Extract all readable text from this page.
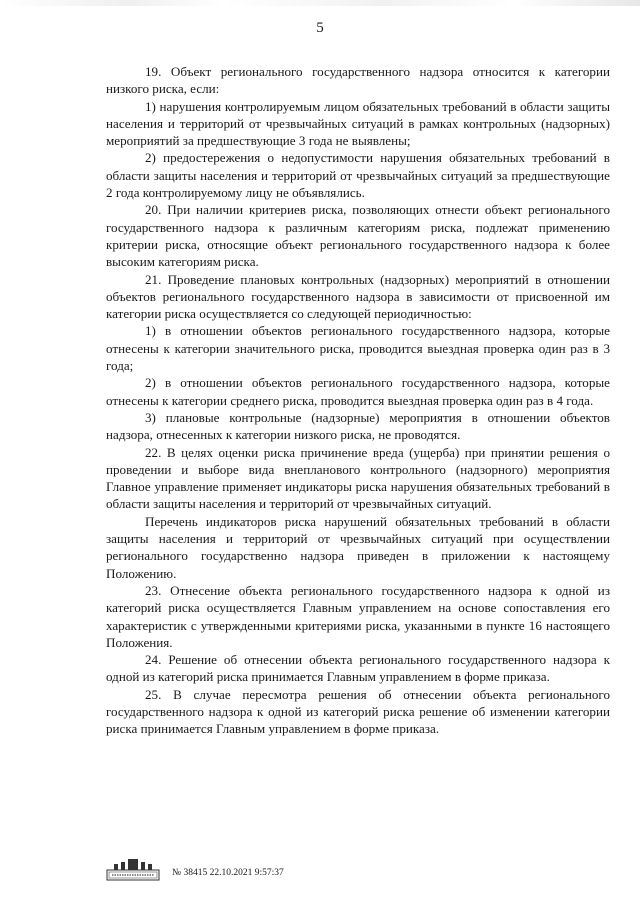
5

19. Объект регионального государственного надзора относится к категории низкого риска, если:

1) нарушения контролируемым лицом обязательных требований в области защиты населения и территорий от чрезвычайных ситуаций в рамках контрольных (надзорных) мероприятий за предшествующие 3 года не выявлены;

2) предостережения о недопустимости нарушения обязательных требований в области защиты населения и территорий от чрезвычайных ситуаций за предшествующие 2 года контролируемому лицу не объявлялись.

20. При наличии критериев риска, позволяющих отнести объект регионального государственного надзора к различным категориям риска, подлежат применению критерии риска, относящие объект регионального государственного надзора к более высоким категориям риска.

21. Проведение плановых контрольных (надзорных) мероприятий в отношении объектов регионального государственного надзора в зависимости от присвоенной им категории риска осуществляется со следующей периодичностью:

1) в отношении объектов регионального государственного надзора, которые отнесены к категории значительного риска, проводится выездная проверка один раз в 3 года;

2) в отношении объектов регионального государственного надзора, которые отнесены к категории среднего риска, проводится выездная проверка один раз в 4 года.

3) плановые контрольные (надзорные) мероприятия в отношении объектов надзора, отнесенных к категории низкого риска, не проводятся.

22. В целях оценки риска причинение вреда (ущерба) при принятии решения о проведении и выборе вида внепланового контрольного (надзорного) мероприятия Главное управление применяет индикаторы риска нарушения обязательных требований в области защиты населения и территорий от чрезвычайных ситуаций.

Перечень индикаторов риска нарушений обязательных требований в области защиты населения и территорий от чрезвычайных ситуаций при осуществлении регионального государственно надзора приведен в приложении к настоящему Положению.

23. Отнесение объекта регионального государственного надзора к одной из категорий риска осуществляется Главным управлением на основе сопоставления его характеристик с утвержденными критериями риска, указанными в пункте 16 настоящего Положения.

24. Решение об отнесении объекта регионального государственного надзора к одной из категорий риска принимается Главным управлением в форме приказа.

25. В случае пересмотра решения об отнесении объекта регионального государственного надзора к одной из категорий риска решение об изменении категории риска принимается Главным управлением в форме приказа.

№ 38415 22.10.2021 9:57:37
